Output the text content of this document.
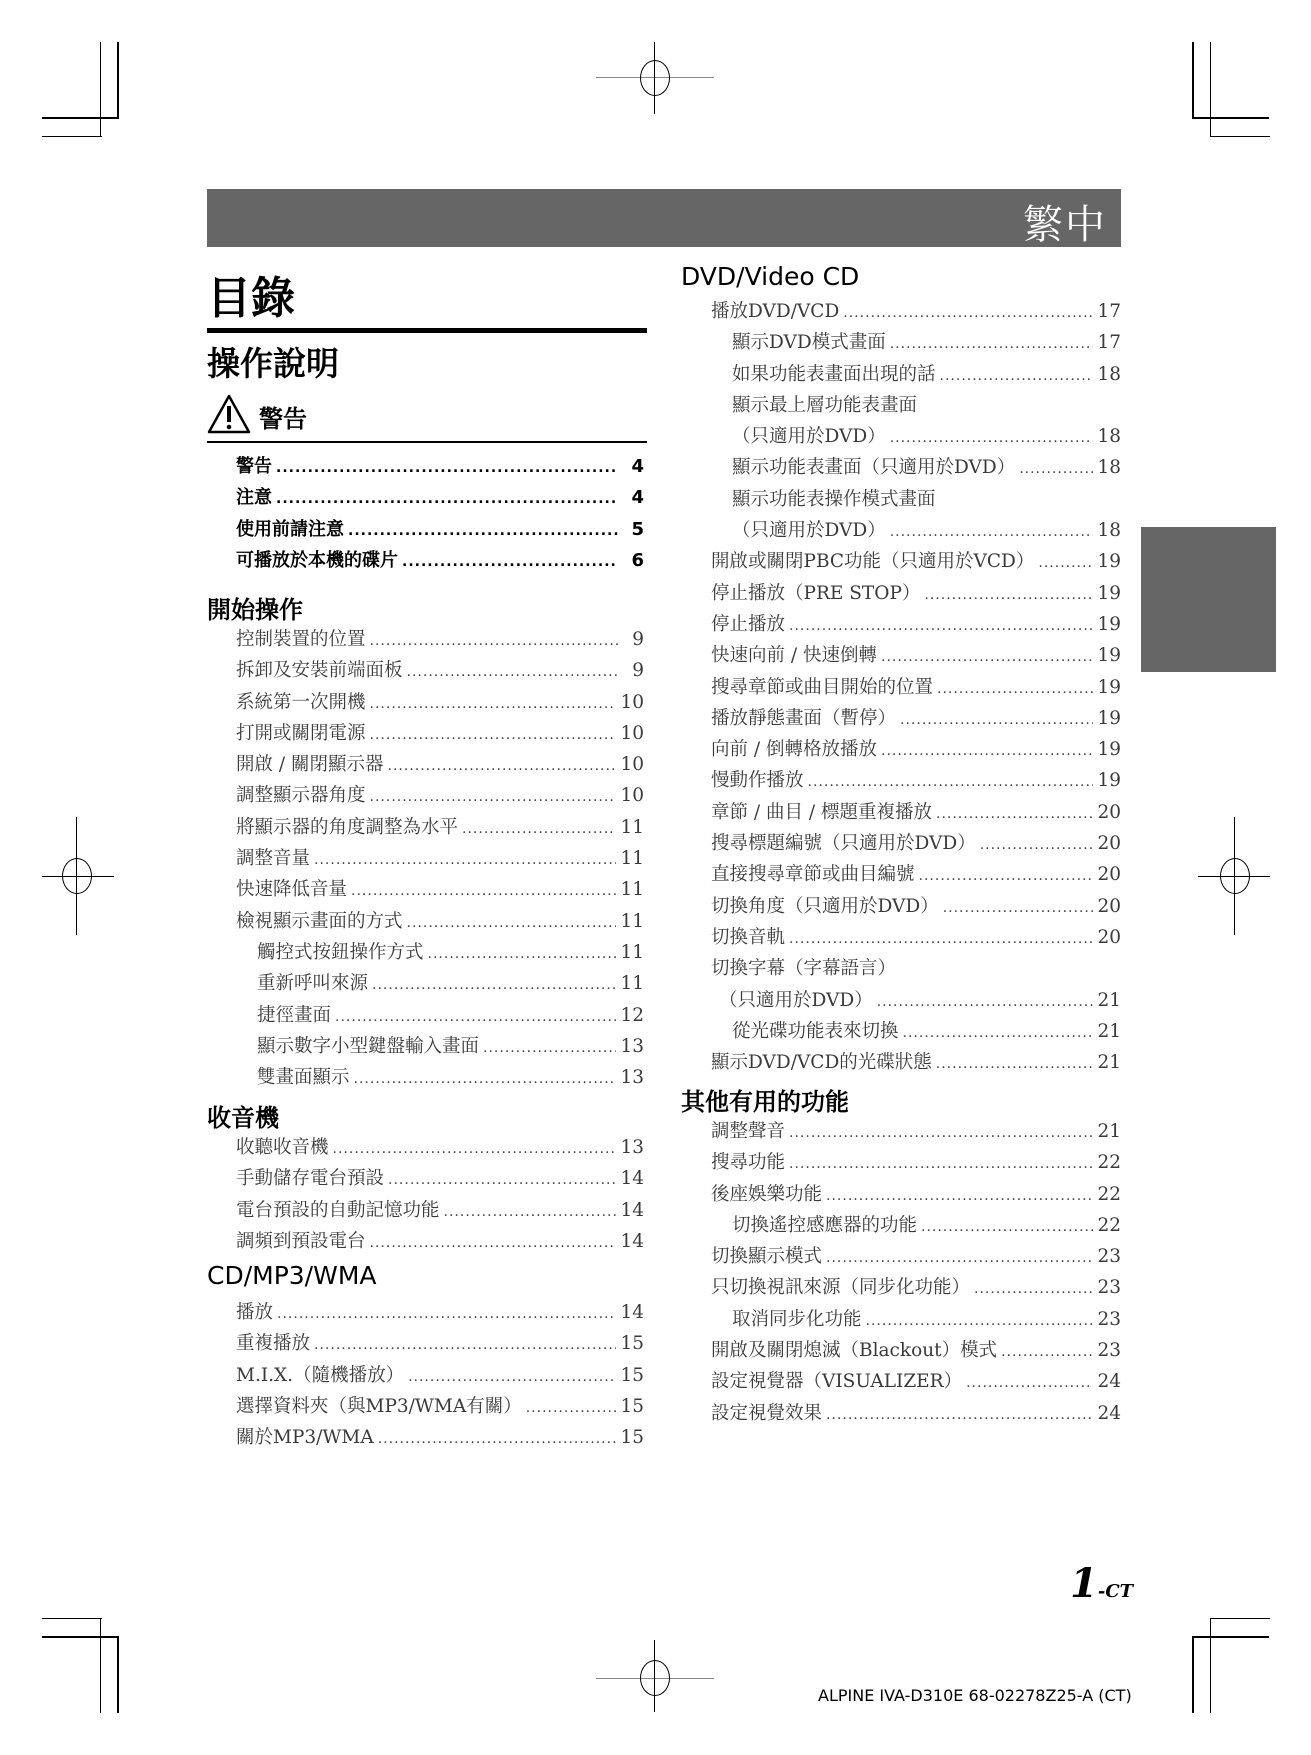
繁中
目錄
操作說明
警告
警告 .....	4
注意 .....	4
使用前請注意 .....	5
可播放於本機的碟片 .....	6
開始操作
控制裝置的位置 .....	9
拆卸及安裝前端面板 .....	9
系統第一次開機 .....	10
打開或關閉電源 .....	10
開啟 / 關閉顯示器 .....	10
調整顯示器角度 .....	10
將顯示器的角度調整為水平 .....	11
調整音量 .....	11
快速降低音量 .....	11
檢視顯示畫面的方式 .....	11
觸控式按鈕操作方式 .....	11
重新呼叫來源 .....	11
捷徑畫面 .....	12
顯示數字小型鍵盤輸入畫面 .....	13
雙畫面顯示 .....	13
收音機
收聽收音機 .....	13
手動儲存電台預設 .....	14
電台預設的自動記憶功能 .....	14
調頻到預設電台 .....	14
CD/MP3/WMA
播放 .....	14
重複播放 .....	15
M.I.X.（隨機播放） .....	15
選擇資料夾（與MP3/WMA有關） .....	15
關於MP3/WMA .....	15
DVD/Video CD
播放DVD/VCD .....	17
顯示DVD模式畫面 .....	17
如果功能表畫面出現的話 .....	18
顯示最上層功能表畫面
（只適用於DVD） .....	18
顯示功能表畫面（只適用於DVD） .....	18
顯示功能表操作模式畫面
（只適用於DVD） .....	18
開啟或關閉PBC功能（只適用於VCD） .....	19
停止播放（PRE STOP） .....	19
停止播放 .....	19
快速向前 / 快速倒轉 .....	19
搜尋章節或曲目開始的位置 .....	19
播放靜態畫面（暫停） .....	19
向前 / 倒轉格放播放 .....	19
慢動作播放 .....	19
章節 / 曲目 / 標題重複播放 .....	20
搜尋標題編號（只適用於DVD） .....	20
直接搜尋章節或曲目編號 .....	20
切換角度（只適用於DVD） .....	20
切換音軌 .....	20
切換字幕（字幕語言）
（只適用於DVD） .....	21
從光碟功能表來切換 .....	21
顯示DVD/VCD的光碟狀態 .....	21
其他有用的功能
調整聲音 .....	21
搜尋功能 .....	22
後座娛樂功能 .....	22
切換遙控感應器的功能 .....	22
切換顯示模式 .....	23
只切換視訊來源（同步化功能） .....	23
取消同步化功能 .....	23
開啟及關閉熄滅（Blackout）模式 .....	23
設定視覺器（VISUALIZER） .....	24
設定視覺效果 .....	24
1-CT
ALPINE IVA-D310E 68-02278Z25-A (CT)
